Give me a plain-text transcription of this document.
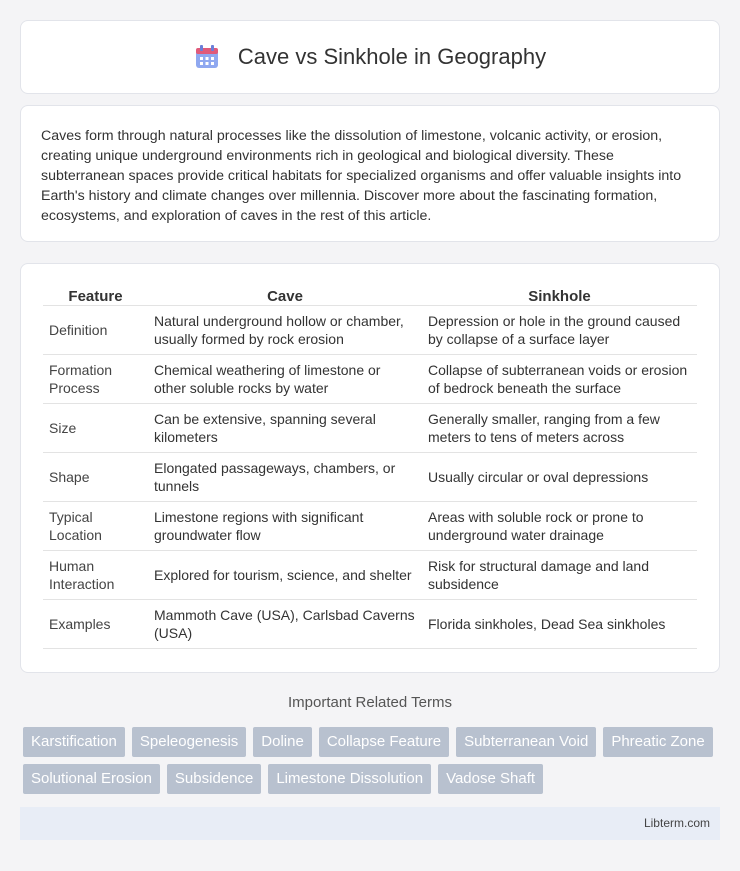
Cave vs Sinkhole in Geography

Caves form through natural processes like the dissolution of limestone, volcanic activity, or erosion, creating unique underground environments rich in geological and biological diversity. These subterranean spaces provide critical habitats for specialized organisms and offer valuable insights into Earth's history and climate changes over millennia. Discover more about the fascinating formation, ecosystems, and exploration of caves in the rest of this article.

Feature	Cave	Sinkhole
Definition	Natural underground hollow or chamber, usually formed by rock erosion	Depression or hole in the ground caused by collapse of a surface layer
Formation Process	Chemical weathering of limestone or other soluble rocks by water	Collapse of subterranean voids or erosion of bedrock beneath the surface
Size	Can be extensive, spanning several kilometers	Generally smaller, ranging from a few meters to tens of meters across
Shape	Elongated passageways, chambers, or tunnels	Usually circular or oval depressions
Typical Location	Limestone regions with significant groundwater flow	Areas with soluble rock or prone to underground water drainage
Human Interaction	Explored for tourism, science, and shelter	Risk for structural damage and land subsidence
Examples	Mammoth Cave (USA), Carlsbad Caverns (USA)	Florida sinkholes, Dead Sea sinkholes
Important Related Terms
Karstification	Speleogenesis	Doline	Collapse Feature	Subterranean Void	Phreatic Zone
Solutional Erosion	Subsidence	Limestone Dissolution	Vadose Shaft
Libterm.com
